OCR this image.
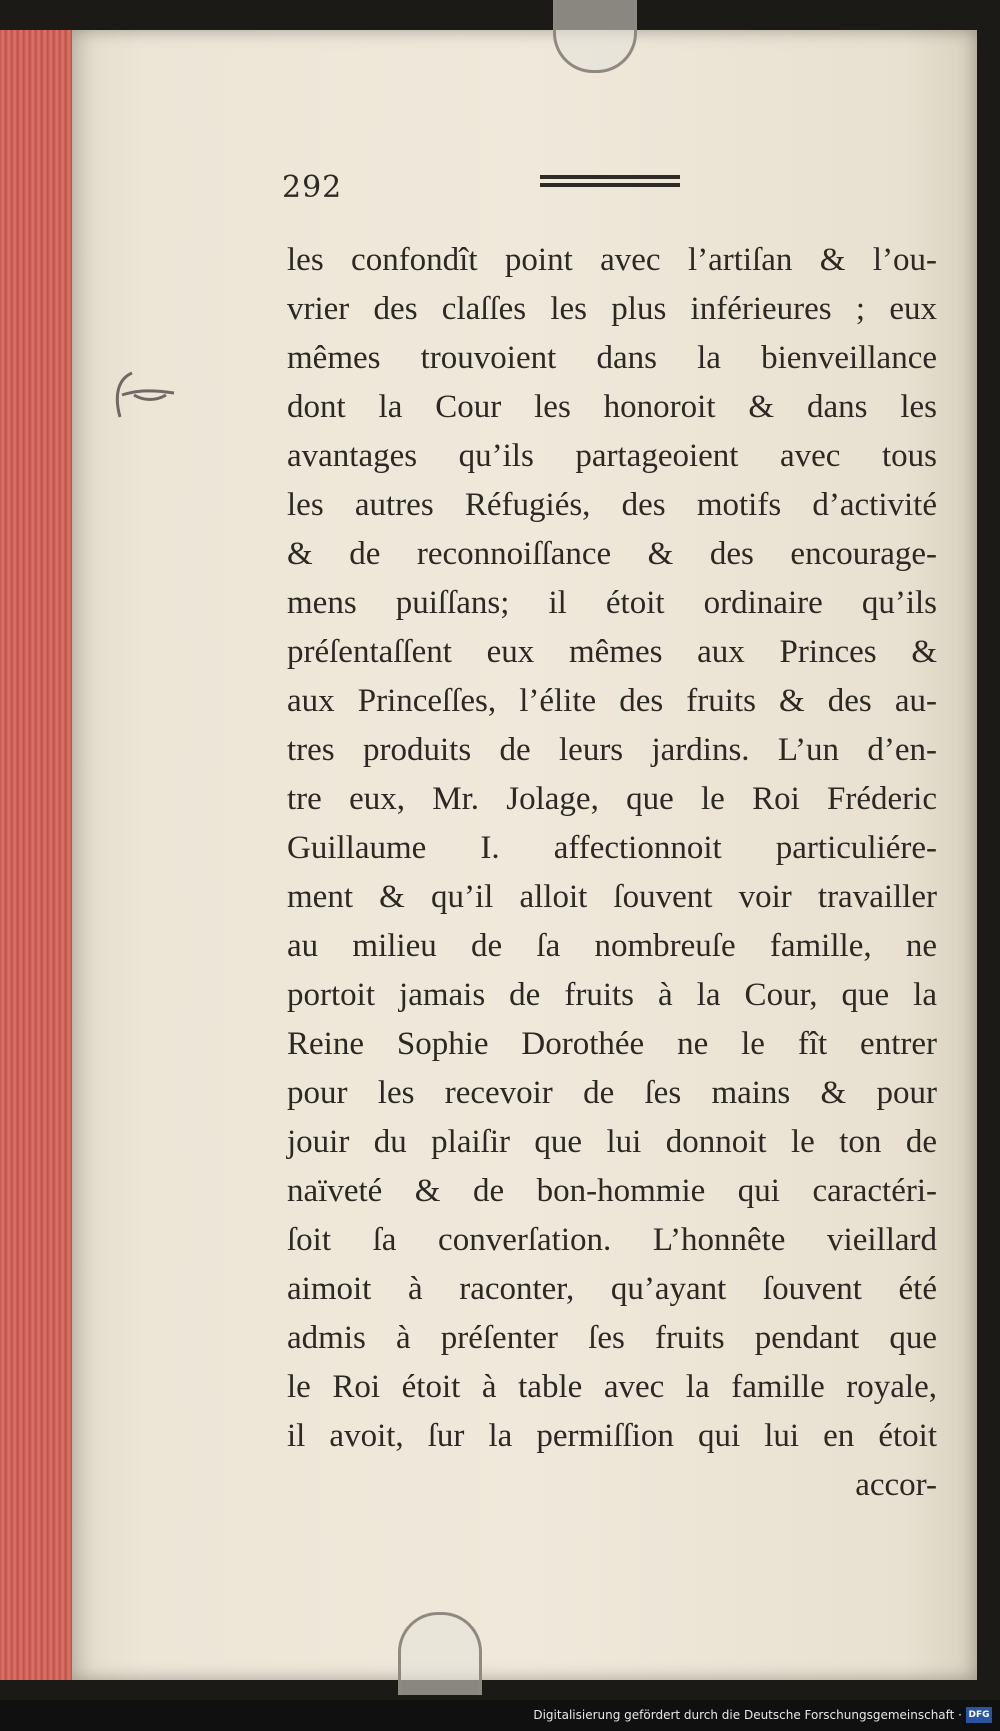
292
les confondît point avec l’artiſan & l’ou-
vrier des claſſes les plus inférieures ; eux
mêmes trouvoient dans la bienveillance
dont la Cour les honoroit & dans les
avantages qu’ils partageoient avec tous
les autres Réfugiés, des motifs d’activité
& de reconnoiſſance & des encourage-
mens puiſſans; il étoit ordinaire qu’ils
préſentaſſent eux mêmes aux Princes &
aux Princeſſes, l’élite des fruits & des au-
tres produits de leurs jardins. L’un d’en-
tre eux, Mr. Jolage, que le Roi Fréderic
Guillaume I. affectionnoit particuliére-
ment & qu’il alloit ſouvent voir travailler
au milieu de ſa nombreuſe famille, ne
portoit jamais de fruits à la Cour, que la
Reine Sophie Dorothée ne le fît entrer
pour les recevoir de ſes mains & pour
jouir du plaiſir que lui donnoit le ton de
naïveté & de bon-hommie qui caractéri-
ſoit ſa converſation. L’honnête vieillard
aimoit à raconter, qu’ayant ſouvent été
admis à préſenter ſes fruits pendant que
le Roi étoit à table avec la famille royale,
il avoit, ſur la permiſſion qui lui en étoit
accor-
Digitalisierung gefördert durch die Deutsche Forschungsgemeinschaft · DFG
